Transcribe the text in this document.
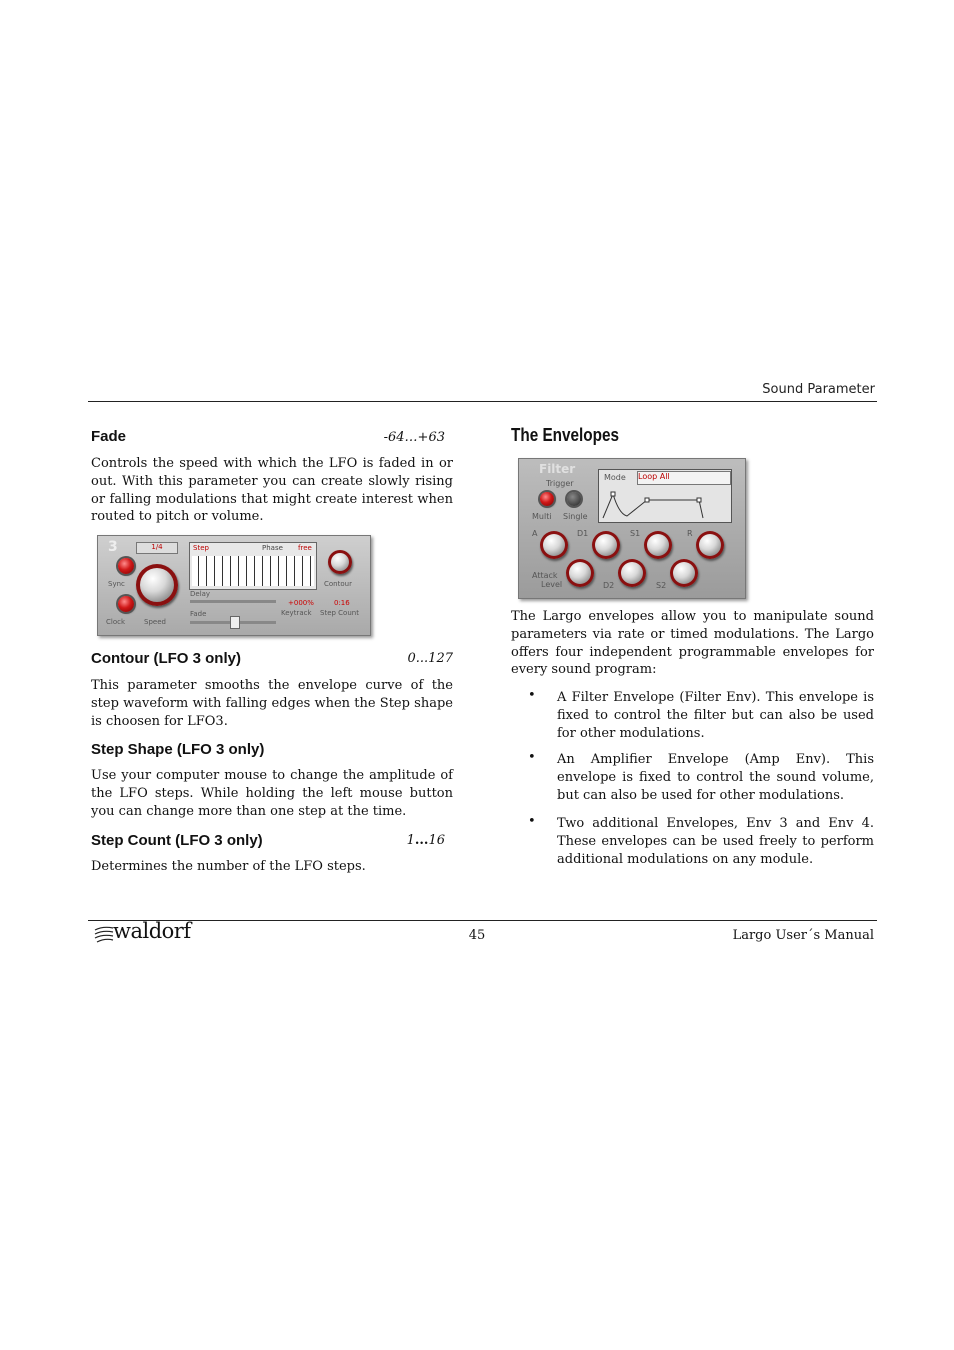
Sound Parameter
Fade	-64…+63
Controls the speed with which the LFO is faded in or out. With this parameter you can create slowly rising or falling modulations that might create interest when routed to pitch or volume.
3	1/4
Sync
Clock	Speed
Step	Phase free
Delay
Fade
+000%	0:16
Keytrack Step Count
Contour
Contour (LFO 3 only)	0...127
This parameter smooths the envelope curve of the step waveform with falling edges when the Step shape is choosen for LFO3.
Step Shape (LFO 3 only)
Use your computer mouse to change the amplitude of the LFO steps. While holding the left mouse button you can change more than one step at the time.
Step Count (LFO 3 only)	1...16
Determines the number of the LFO steps.
The Envelopes
Filter
Trigger
Multi Single
Mode Loop All
A	D1	S1	R
Attack
Level	D2	S2
The Largo envelopes allow you to manipulate sound parameters via rate or timed modulations. The Largo offers four independent programmable envelopes for every sound program:
• A Filter Envelope (Filter Env). This envelope is fixed to control the filter but can also be used for other modulations.
• An Amplifier Envelope (Amp Env). This envelope is fixed to control the sound volume, but can also be used for other modulations.
• Two additional Envelopes, Env 3 and Env 4. These envelopes can be used freely to perform additional modulations on any module.
waldorf	45	Largo User´s Manual
